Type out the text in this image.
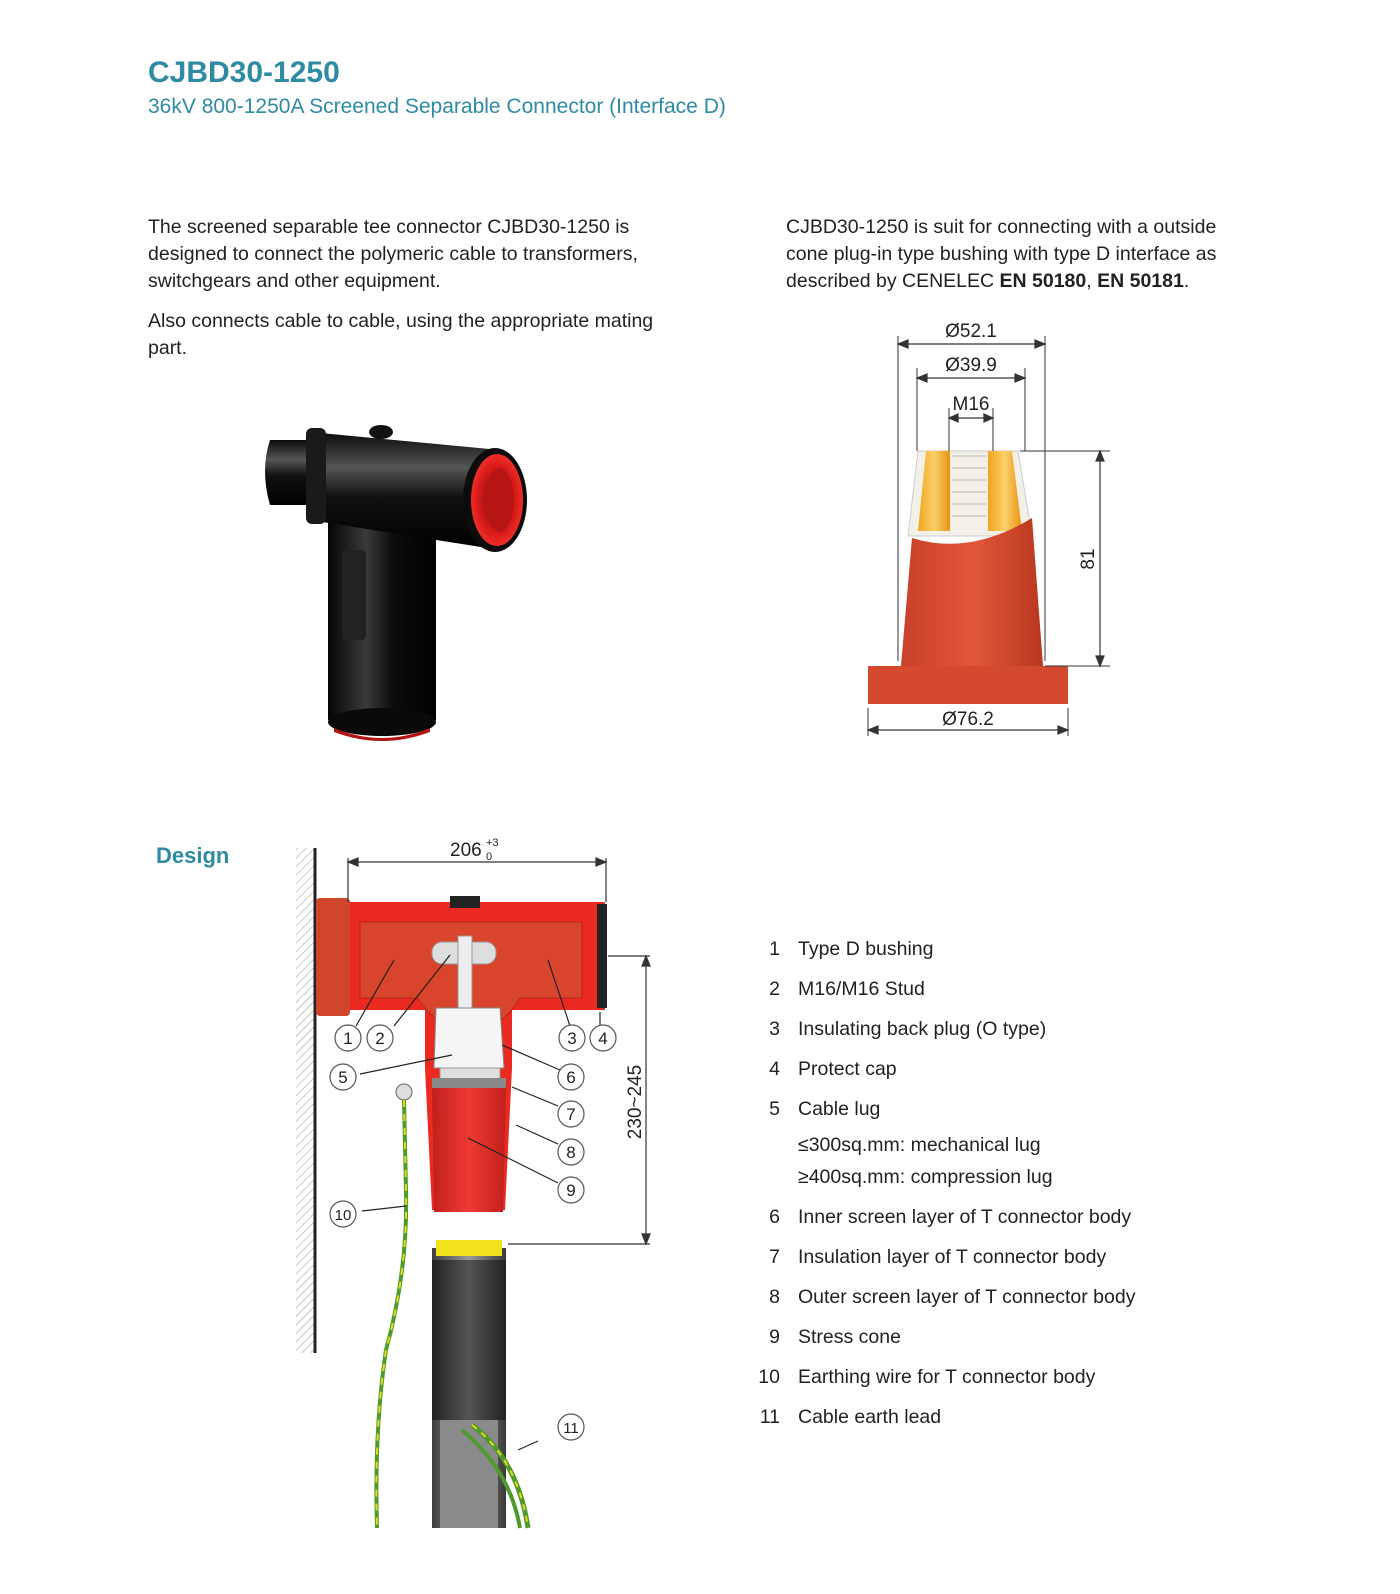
CJBD30-1250
36kV 800-1250A Screened Separable Connector (Interface D)

The screened separable tee connector CJBD30-1250 is designed to connect the polymeric cable to transformers, switchgears and other equipment.

Also connects cable to cable, using the appropriate mating part.

CJBD30-1250 is suit for connecting with a outside cone plug-in type bushing with type D interface as described by CENELEC EN 50180, EN 50181.

Ø52.1
Ø39.9
M16
81
Ø76.2
Design	206 +3
0
230~245
1 2	3 4
5	6
7
8
9
10
11
1 Type D bushing
2 M16/M16 Stud
3 Insulating back plug (O type)
4 Protect cap
5 Cable lug
≤300sq.mm: mechanical lug
≥400sq.mm: compression lug
6 Inner screen layer of T connector body
7 Insulation layer of T connector body
8 Outer screen layer of T connector body
9 Stress cone
10 Earthing wire for T connector body
11 Cable earth lead
